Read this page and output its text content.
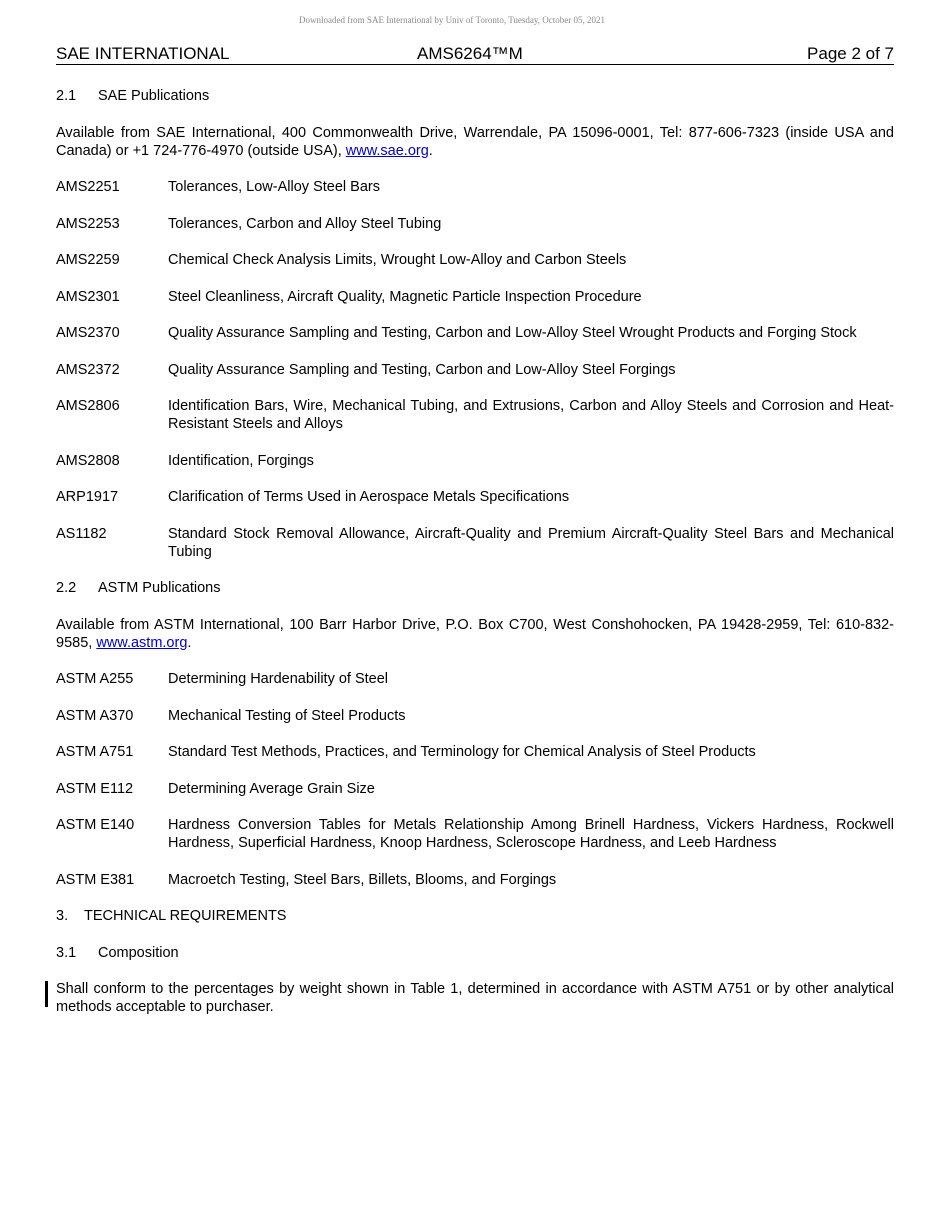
Downloaded from SAE International by Univ of Toronto, Tuesday, October 05, 2021
SAE INTERNATIONAL	AMS6264™M	Page 2 of 7
2.1 SAE Publications
Available from SAE International, 400 Commonwealth Drive, Warrendale, PA 15096-0001, Tel: 877-606-7323 (inside USA and Canada) or +1 724-776-4970 (outside USA), www.sae.org.
AMS2251	Tolerances, Low-Alloy Steel Bars
AMS2253	Tolerances, Carbon and Alloy Steel Tubing
AMS2259	Chemical Check Analysis Limits, Wrought Low-Alloy and Carbon Steels
AMS2301	Steel Cleanliness, Aircraft Quality, Magnetic Particle Inspection Procedure
AMS2370	Quality Assurance Sampling and Testing, Carbon and Low-Alloy Steel Wrought Products and Forging Stock
AMS2372	Quality Assurance Sampling and Testing, Carbon and Low-Alloy Steel Forgings
AMS2806	Identification Bars, Wire, Mechanical Tubing, and Extrusions, Carbon and Alloy Steels and Corrosion and Heat-Resistant Steels and Alloys
AMS2808	Identification, Forgings
ARP1917	Clarification of Terms Used in Aerospace Metals Specifications
AS1182	Standard Stock Removal Allowance, Aircraft-Quality and Premium Aircraft-Quality Steel Bars and Mechanical Tubing
2.2 ASTM Publications
Available from ASTM International, 100 Barr Harbor Drive, P.O. Box C700, West Conshohocken, PA 19428-2959, Tel: 610-832-9585, www.astm.org.
ASTM A255	Determining Hardenability of Steel
ASTM A370	Mechanical Testing of Steel Products
ASTM A751	Standard Test Methods, Practices, and Terminology for Chemical Analysis of Steel Products
ASTM E112	Determining Average Grain Size
ASTM E140	Hardness Conversion Tables for Metals Relationship Among Brinell Hardness, Vickers Hardness, Rockwell Hardness, Superficial Hardness, Knoop Hardness, Scleroscope Hardness, and Leeb Hardness
ASTM E381	Macroetch Testing, Steel Bars, Billets, Blooms, and Forgings
3. TECHNICAL REQUIREMENTS
3.1 Composition
Shall conform to the percentages by weight shown in Table 1, determined in accordance with ASTM A751 or by other analytical methods acceptable to purchaser.
